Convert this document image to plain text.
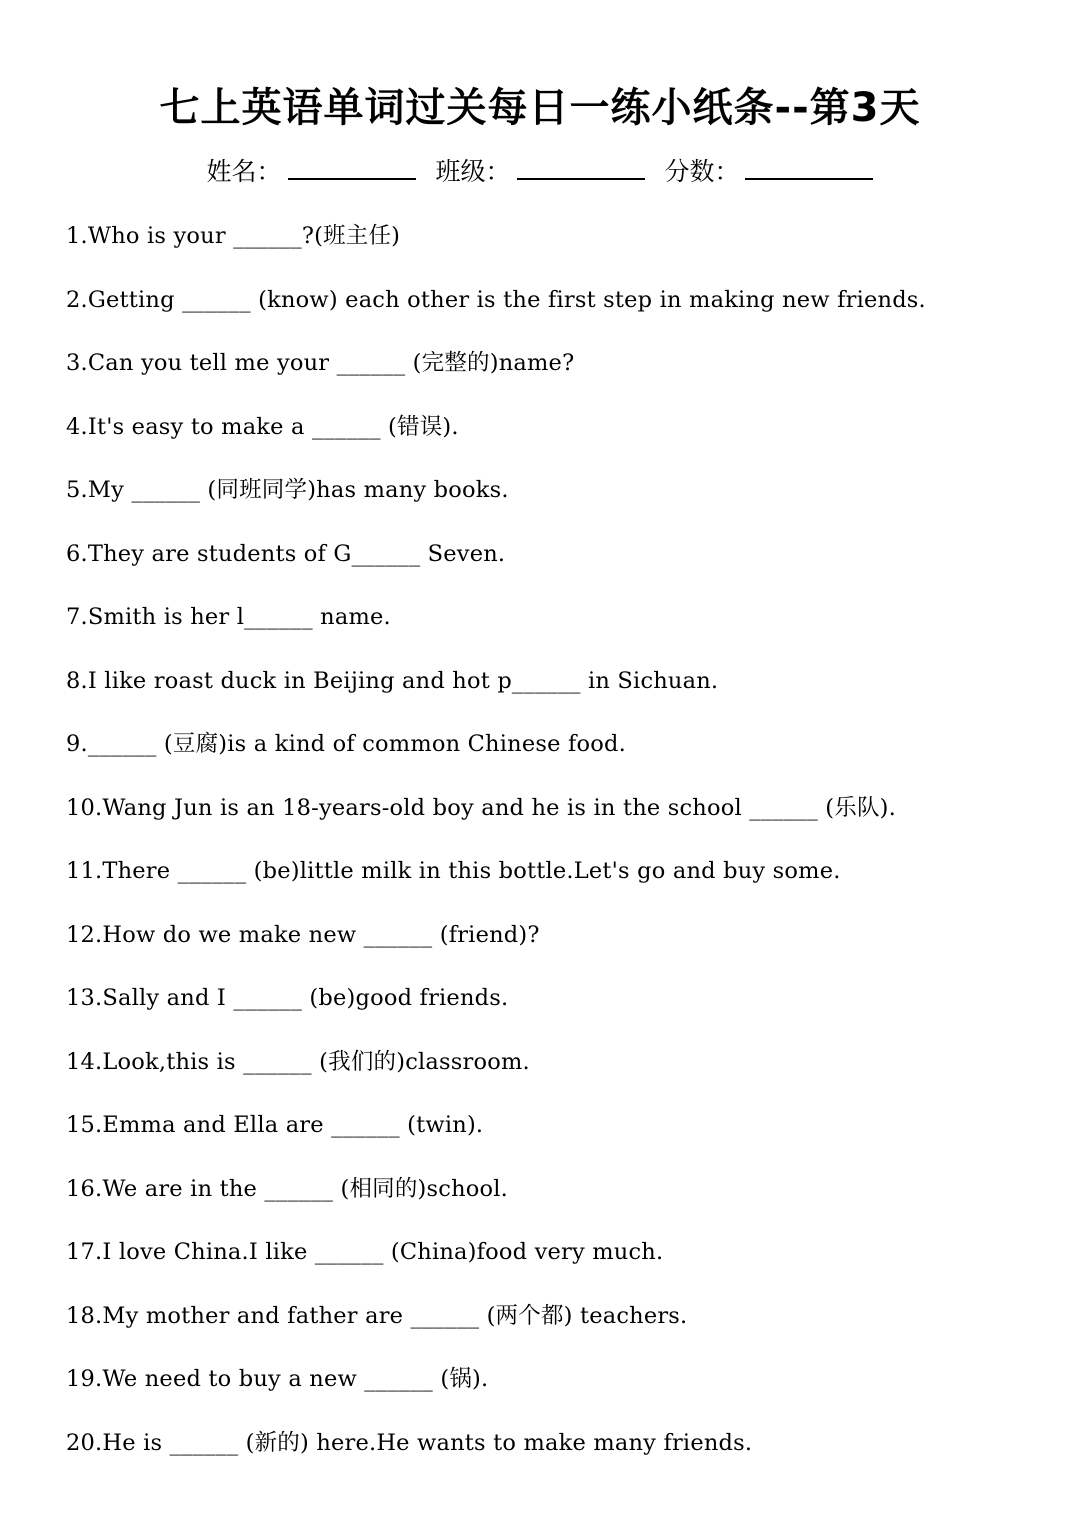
七上英语单词过关每日一练小纸条--第3天
姓名：	班级：	分数：
1.Who is your ______?(班主任)
2.Getting ______ (know) each other is the first step in making new friends.
3.Can you tell me your ______ (完整的)name?
4.It's easy to make a ______ (错误).
5.My ______ (同班同学)has many books.
6.They are students of G______ Seven.
7.Smith is her l______ name.
8.I like roast duck in Beijing and hot p______ in Sichuan.
9.______ (豆腐)is a kind of common Chinese food.
10.Wang Jun is an 18-years-old boy and he is in the school ______ (乐队).
11.There ______ (be)little milk in this bottle.Let's go and buy some.
12.How do we make new ______ (friend)?
13.Sally and I ______ (be)good friends.
14.Look,this is ______ (我们的)classroom.
15.Emma and Ella are ______ (twin).
16.We are in the ______ (相同的)school.
17.I love China.I like ______ (China)food very much.
18.My mother and father are ______ (两个都) teachers.
19.We need to buy a new ______ (锅).
20.He is ______ (新的) here.He wants to make many friends.
